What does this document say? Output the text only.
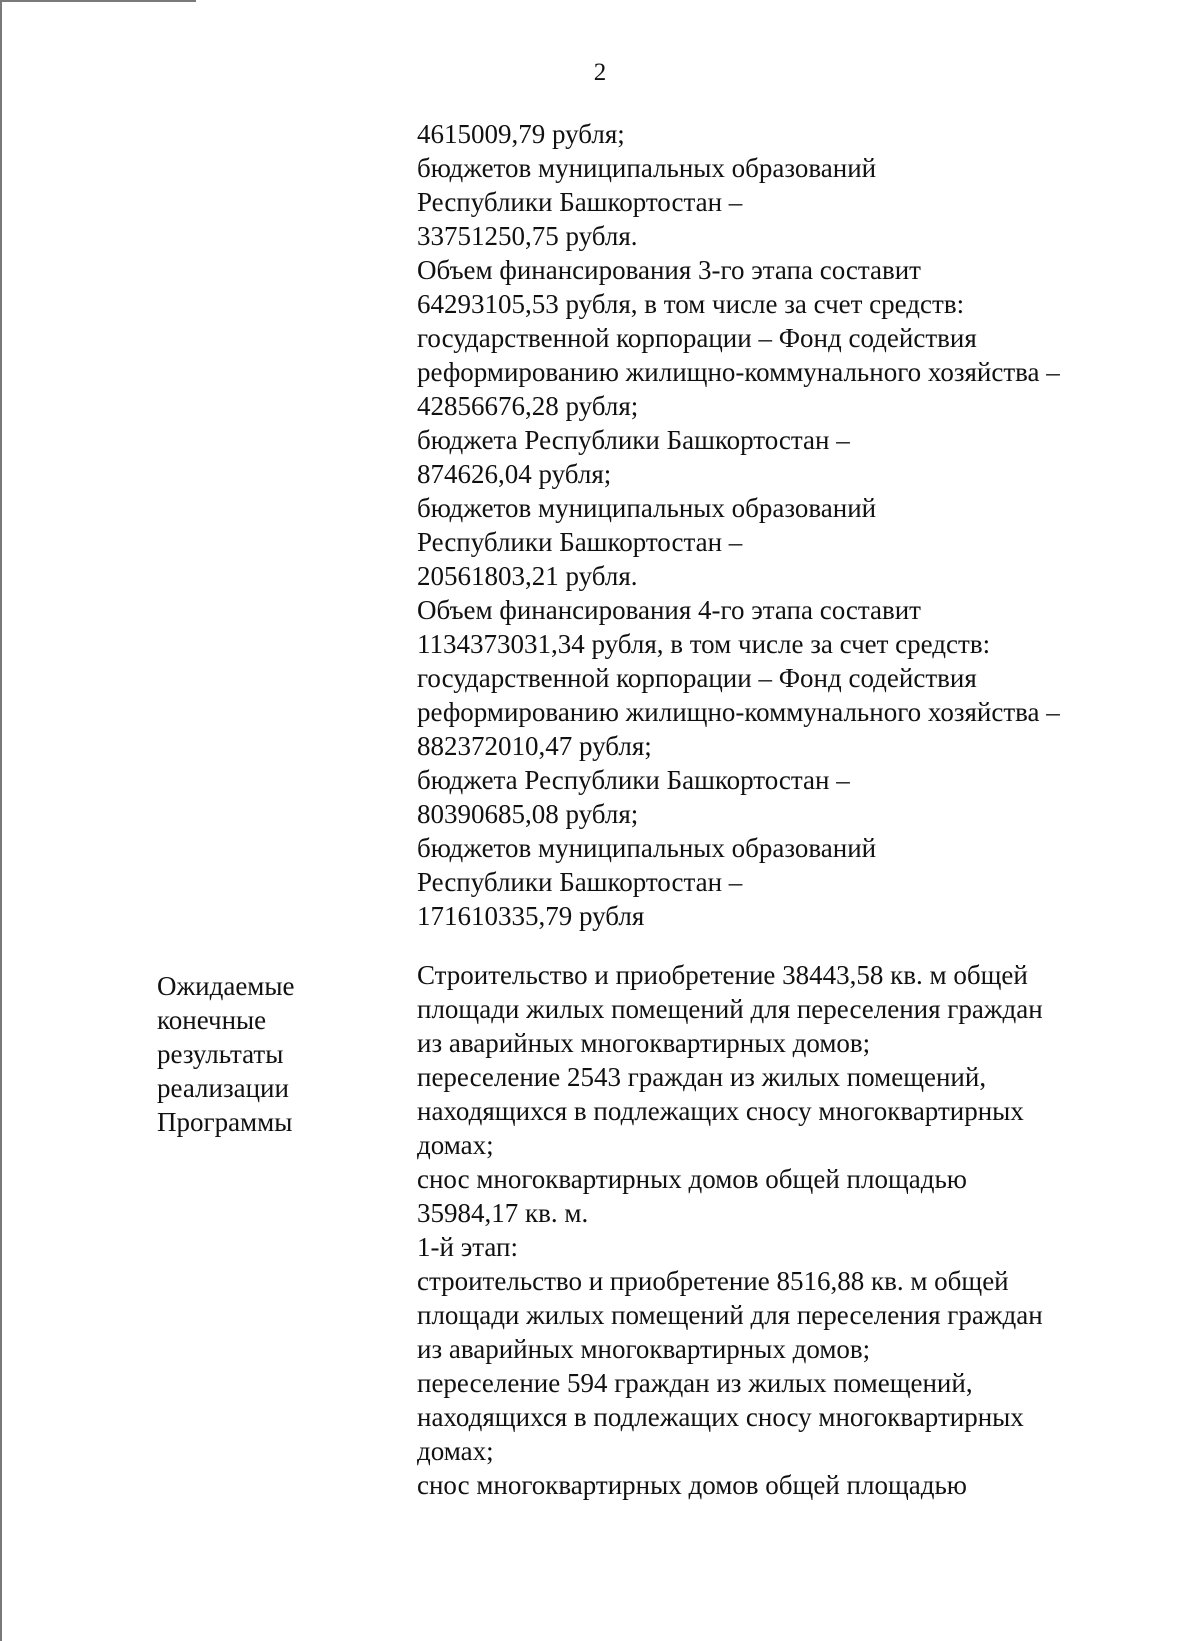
2
4615009,79 рубля;
бюджетов муниципальных образований
Республики Башкортостан –
33751250,75 рубля.
Объем финансирования 3-го этапа составит
64293105,53 рубля, в том числе за счет средств:
государственной корпорации – Фонд содействия
реформированию жилищно-коммунального хозяйства –
42856676,28 рубля;
бюджета Республики Башкортостан –
874626,04 рубля;
бюджетов муниципальных образований
Республики Башкортостан –
20561803,21 рубля.
Объем финансирования 4-го этапа составит
1134373031,34 рубля, в том числе за счет средств:
государственной корпорации – Фонд содействия
реформированию жилищно-коммунального хозяйства –
882372010,47 рубля;
бюджета Республики Башкортостан –
80390685,08 рубля;
бюджетов муниципальных образований
Республики Башкортостан –
171610335,79 рубля
Ожидаемые
конечные
результаты
реализации
Программы
Строительство и приобретение 38443,58 кв. м общей
площади жилых помещений для переселения граждан
из аварийных многоквартирных домов;
переселение 2543 граждан из жилых помещений,
находящихся в подлежащих сносу многоквартирных
домах;
снос многоквартирных домов общей площадью
35984,17 кв. м.
1-й этап:
строительство и приобретение 8516,88 кв. м общей
площади жилых помещений для переселения граждан
из аварийных многоквартирных домов;
переселение 594 граждан из жилых помещений,
находящихся в подлежащих сносу многоквартирных
домах;
снос многоквартирных домов общей площадью
